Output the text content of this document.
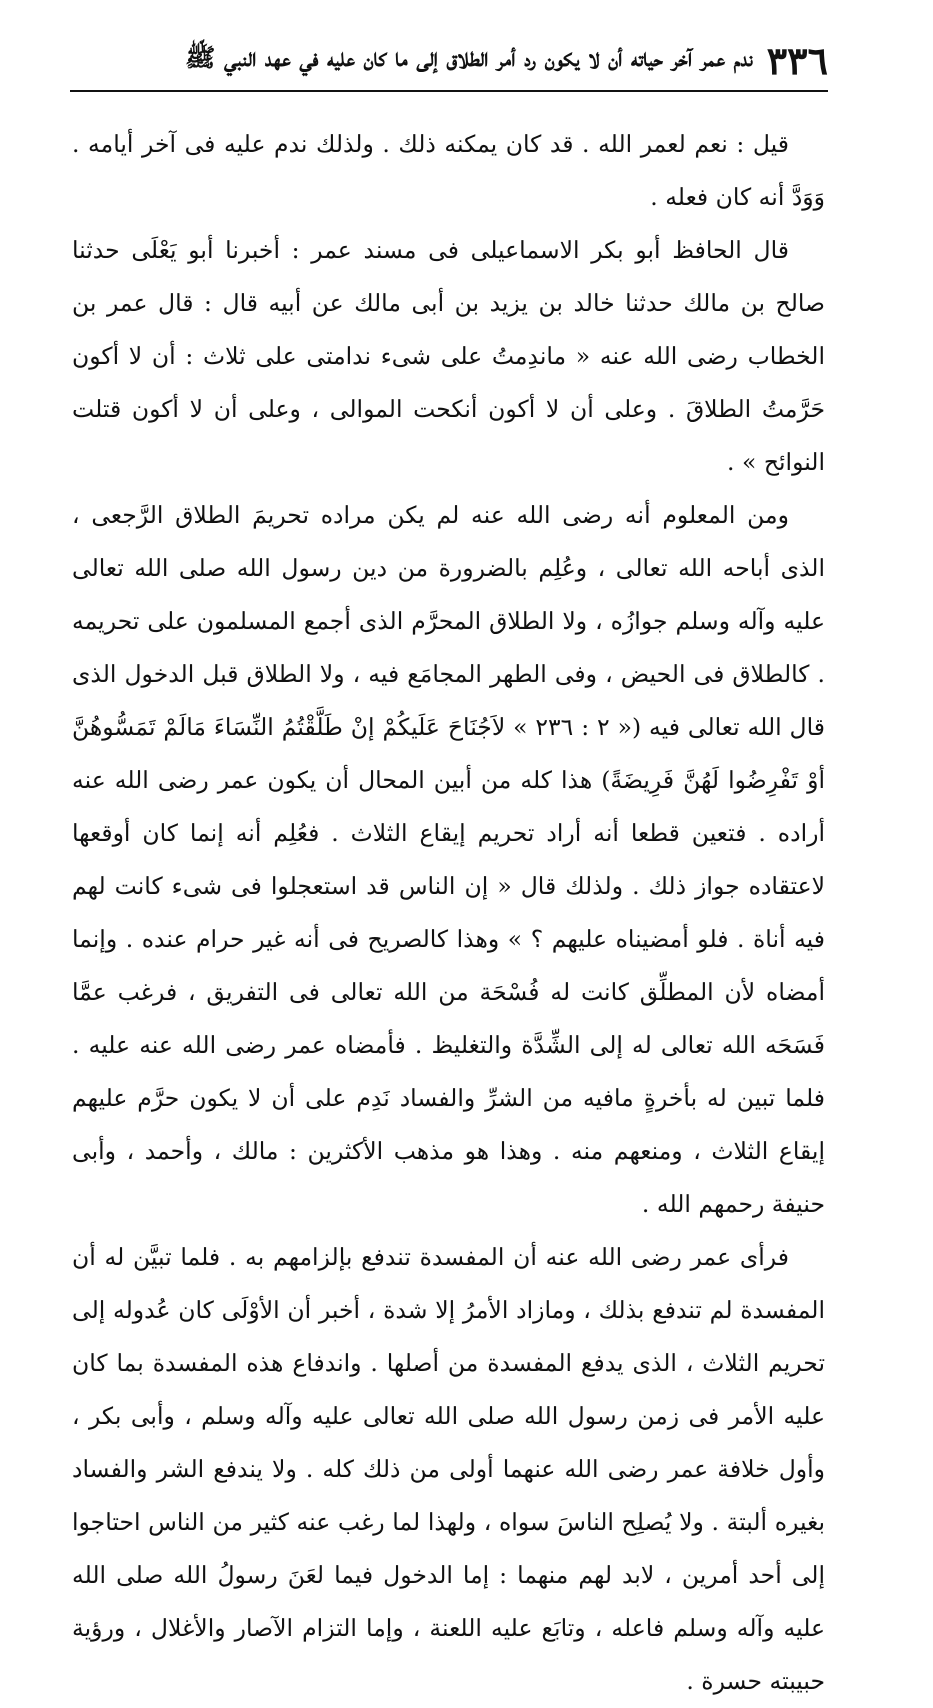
٣٣٦
ندم عمر آخر حياته أن لا يكون رد أمر الطلاق إلى ما كان عليه في عهد النبي ﷺ

قيل : نعم لعمر الله . قد كان يمكنه ذلك . ولذلك ندم عليه فى آخر أيامه . وَوَدَّ أنه كان فعله .

قال الحافظ أبو بكر الاسماعيلى فى مسند عمر : أخبرنا أبو يَعْلَى حدثنا صالح بن مالك حدثنا خالد بن يزيد بن أبى مالك عن أبيه قال : قال عمر بن الخطاب رضى الله عنه « ماندِمتُ على شىء ندامتى على ثلاث : أن لا أكون حَرَّمتُ الطلاقَ . وعلى أن لا أكون أنكحت الموالى ، وعلى أن لا أكون قتلت النوائح » .

ومن المعلوم أنه رضى الله عنه لم يكن مراده تحريمَ الطلاق الرَّجعى ، الذى أباحه الله تعالى ، وعُلِم بالضرورة من دين رسول الله صلى الله تعالى عليه وآله وسلم جوازُه ، ولا الطلاق المحرَّم الذى أجمع المسلمون على تحريمه . كالطلاق فى الحيض ، وفى الطهر المجامَع فيه ، ولا الطلاق قبل الدخول الذى قال الله تعالى فيه (« ٢ : ٢٣٦ » لاَجُنَاحَ عَلَيكُمْ إنْ طَلَّقْتُمُ النِّسَاءَ مَالَمْ تَمَسُّوهُنَّ أوْ تَفْرِضُوا لَهُنَّ فَرِيضَةً) هذا كله من أبين المحال أن يكون عمر رضى الله عنه أراده . فتعين قطعا أنه أراد تحريم إيقاع الثلاث . فعُلِم أنه إنما كان أوقعها لاعتقاده جواز ذلك . ولذلك قال « إن الناس قد استعجلوا فى شىء كانت لهم فيه أناة . فلو أمضيناه عليهم ؟ » وهذا كالصريح فى أنه غير حرام عنده . وإنما أمضاه لأن المطلِّق كانت له فُسْحَة من الله تعالى فى التفريق ، فرغب عمَّا فَسَحَه الله تعالى له إلى الشِّدَّة والتغليظ . فأمضاه عمر رضى الله عنه عليه . فلما تبين له بأخرةٍ مافيه من الشرِّ والفساد نَدِم على أن لا يكون حرَّم عليهم إيقاع الثلاث ، ومنعهم منه . وهذا هو مذهب الأكثرين : مالك ، وأحمد ، وأبى حنيفة رحمهم الله .

فرأى عمر رضى الله عنه أن المفسدة تندفع بإلزامهم به . فلما تبيَّن له أن المفسدة لم تندفع بذلك ، ومازاد الأمرُ إلا شدة ، أخبر أن الأوْلَى كان عُدوله إلى تحريم الثلاث ، الذى يدفع المفسدة من أصلها . واندفاع هذه المفسدة بما كان عليه الأمر فى زمن رسول الله صلى الله تعالى عليه وآله وسلم ، وأبى بكر ، وأول خلافة عمر رضى الله عنهما أولى من ذلك كله . ولا يندفع الشر والفساد بغيره ألبتة . ولا يُصلِح الناسَ سواه ، ولهذا لما رغب عنه كثير من الناس احتاجوا إلى أحد أمرين ، لابد لهم منهما : إما الدخول فيما لعَنَ رسولُ الله صلى الله عليه وآله وسلم فاعله ، وتابَع عليه اللعنة ، وإما التزام الآصار والأغلال ، ورؤية حبيبته حسرة .
